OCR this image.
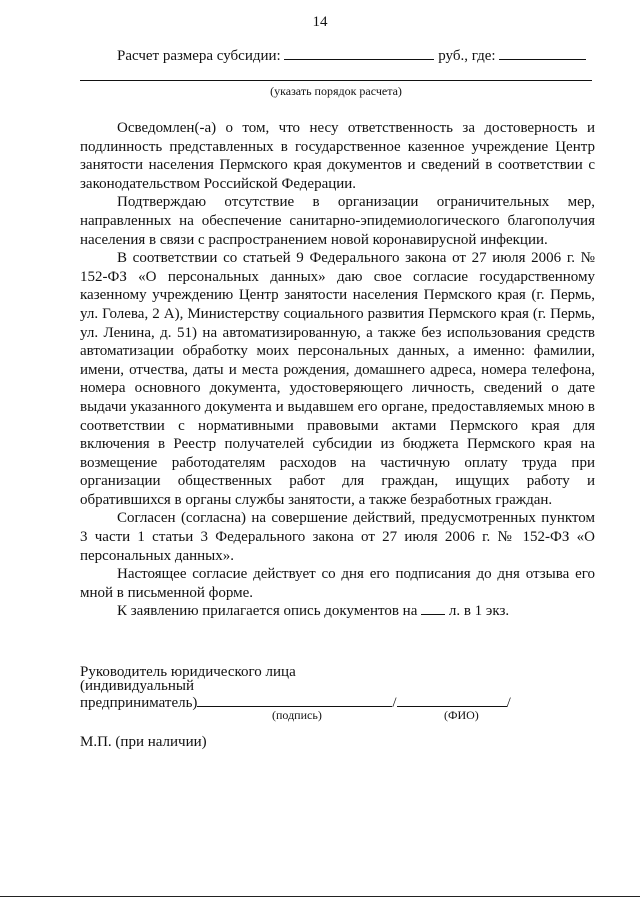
14
Расчет размера субсидии:	руб., где:
(указать порядок расчета)

Осведомлен(-а) о том, что несу ответственность за достоверность и подлинность представленных в государственное казенное учреждение Центр занятости населения Пермского края документов и сведений в соответствии с законодательством Российской Федерации.

Подтверждаю отсутствие в организации ограничительных мер, направленных на обеспечение санитарно-эпидемиологического благополучия населения в связи с распространением новой коронавирусной инфекции.

В соответствии со статьей 9 Федерального закона от 27 июля 2006 г. № 152-ФЗ «О персональных данных» даю свое согласие государственному казенному учреждению Центр занятости населения Пермского края (г. Пермь, ул. Голева, 2 А), Министерству социального развития Пермского края (г. Пермь, ул. Ленина, д. 51) на автоматизированную, а также без использования средств автоматизации обработку моих персональных данных, а именно: фамилии, имени, отчества, даты и места рождения, домашнего адреса, номера телефона, номера основного документа, удостоверяющего личность, сведений о дате выдачи указанного документа и выдавшем его органе, предоставляемых мною в соответствии с нормативными правовыми актами Пермского края для включения в Реестр получателей субсидии из бюджета Пермского края на возмещение работодателям расходов на частичную оплату труда при организации общественных работ для граждан, ищущих работу и обратившихся в органы службы занятости, а также безработных граждан.

Согласен (согласна) на совершение действий, предусмотренных пунктом 3 части 1 статьи 3 Федерального закона от 27 июля 2006 г. № 152-ФЗ «О персональных данных».

Настоящее согласие действует со дня его подписания до дня отзыва его мной в письменной форме.

К заявлению прилагается опись документов на л. в 1 экз.

Руководитель юридического лица
(индивидуальный
предприниматель)	/	/
(подпись)	(ФИО)
М.П. (при наличии)
